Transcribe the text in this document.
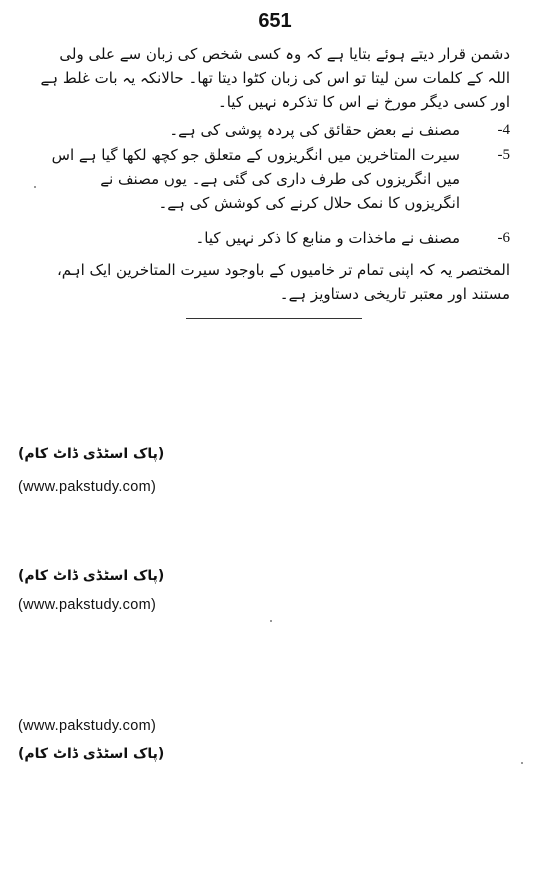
651
دشمن قرار دیتے ہوئے بتایا ہے کہ وہ کسی شخص کی زبان سے علی ولی اللہ کے کلمات سن لیتا تو اس کی زبان کٹوا دیتا تھا۔ حالانکہ یہ بات غلط ہے اور کسی دیگر مورخ نے اس کا تذکرہ نہیں کیا۔
-4
مصنف نے بعض حقائق کی پردہ پوشی کی ہے۔
-5
سیرت المتاخرین میں انگریزوں کے متعلق جو کچھ لکھا گیا ہے اس میں انگریزوں کی طرف داری کی گئی ہے۔ یوں مصنف نے انگریزوں کا نمک حلال کرنے کی کوشش کی ہے۔
-6
مصنف نے ماخذات و منابع کا ذکر نہیں کیا۔
المختصر یہ کہ اپنی تمام تر خامیوں کے باوجود سیرت المتاخرین ایک اہم، مستند اور معتبر تاریخی دستاویز ہے۔
(پاک اسٹڈی ڈاٹ کام)
(www.pakstudy.com)
(پاک اسٹڈی ڈاٹ کام)
(www.pakstudy.com)
(www.pakstudy.com)
(پاک اسٹڈی ڈاٹ کام)
